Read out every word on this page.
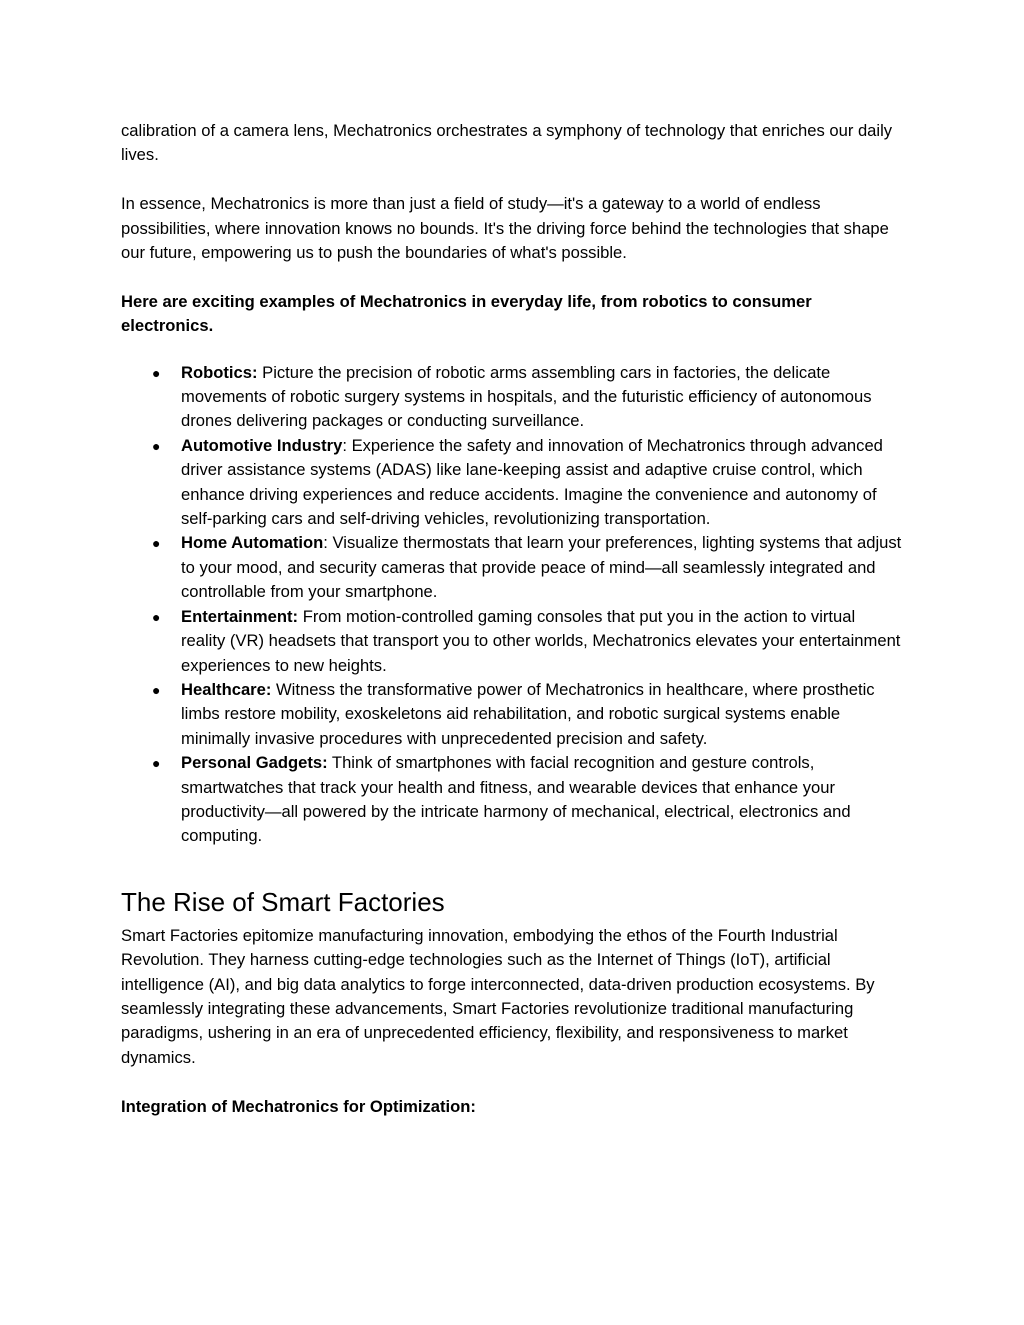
calibration of a camera lens, Mechatronics orchestrates a symphony of technology that enriches our daily lives.

In essence, Mechatronics is more than just a field of study—it's a gateway to a world of endless possibilities, where innovation knows no bounds. It's the driving force behind the technologies that shape our future, empowering us to push the boundaries of what's possible.

Here are exciting examples of Mechatronics in everyday life, from robotics to consumer electronics.

● Robotics: Picture the precision of robotic arms assembling cars in factories, the delicate movements of robotic surgery systems in hospitals, and the futuristic efficiency of autonomous drones delivering packages or conducting surveillance.
● Automotive Industry: Experience the safety and innovation of Mechatronics through advanced driver assistance systems (ADAS) like lane-keeping assist and adaptive cruise control, which enhance driving experiences and reduce accidents. Imagine the convenience and autonomy of self-parking cars and self-driving vehicles, revolutionizing transportation.
● Home Automation: Visualize thermostats that learn your preferences, lighting systems that adjust to your mood, and security cameras that provide peace of mind—all seamlessly integrated and controllable from your smartphone.
● Entertainment: From motion-controlled gaming consoles that put you in the action to virtual reality (VR) headsets that transport you to other worlds, Mechatronics elevates your entertainment experiences to new heights.
● Healthcare: Witness the transformative power of Mechatronics in healthcare, where prosthetic limbs restore mobility, exoskeletons aid rehabilitation, and robotic surgical systems enable minimally invasive procedures with unprecedented precision and safety.
● Personal Gadgets: Think of smartphones with facial recognition and gesture controls, smartwatches that track your health and fitness, and wearable devices that enhance your productivity—all powered by the intricate harmony of mechanical, electrical, electronics and computing.
The Rise of Smart Factories

Smart Factories epitomize manufacturing innovation, embodying the ethos of the Fourth Industrial Revolution. They harness cutting-edge technologies such as the Internet of Things (IoT), artificial intelligence (AI), and big data analytics to forge interconnected, data-driven production ecosystems. By seamlessly integrating these advancements, Smart Factories revolutionize traditional manufacturing paradigms, ushering in an era of unprecedented efficiency, flexibility, and responsiveness to market dynamics.

Integration of Mechatronics for Optimization:
